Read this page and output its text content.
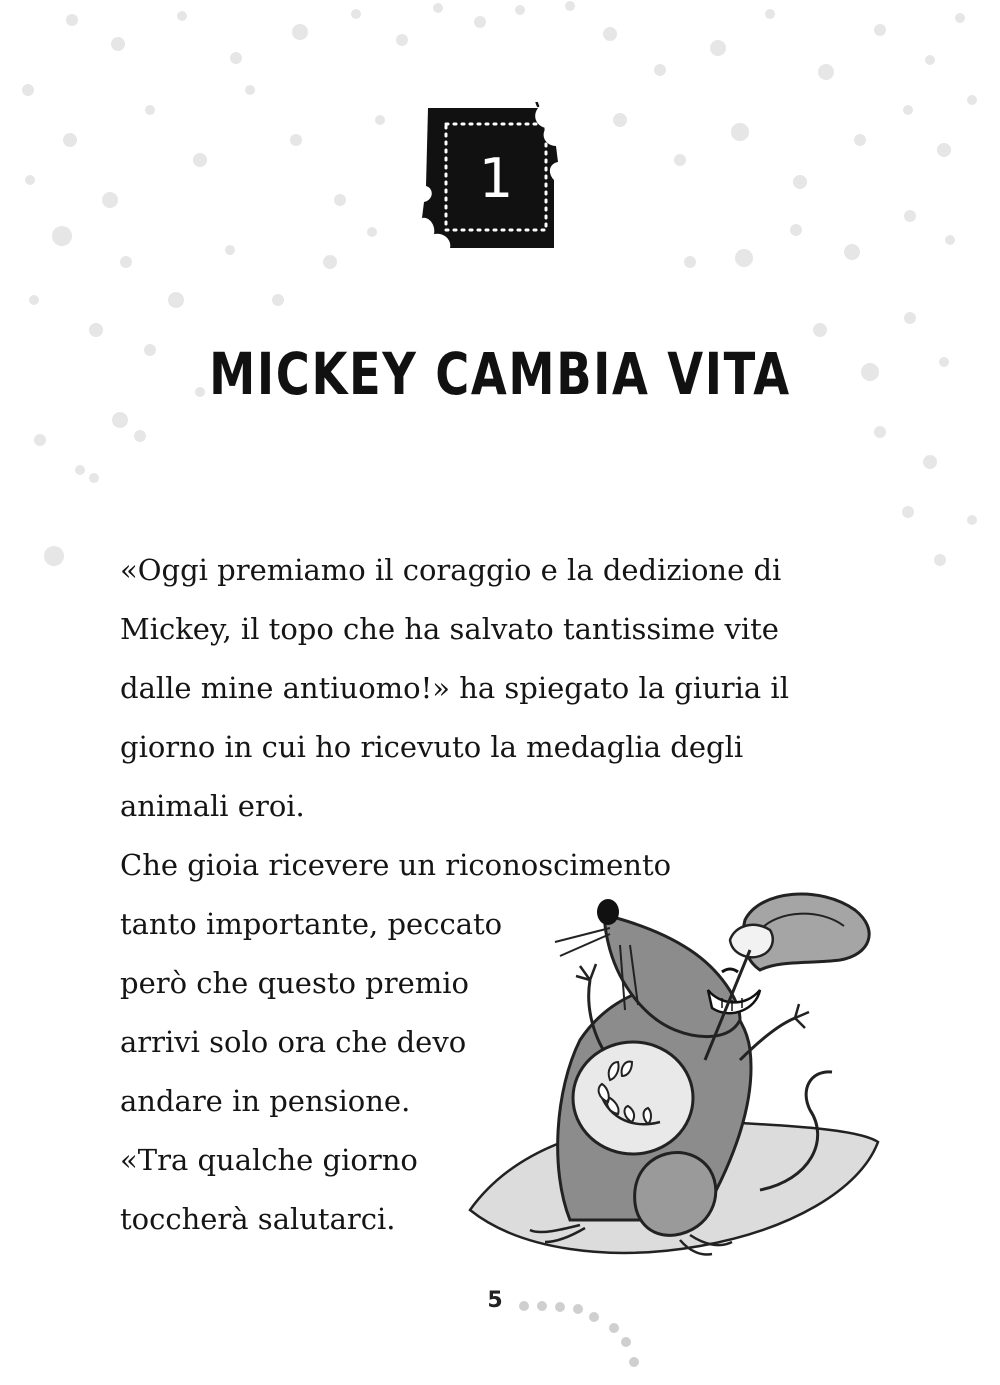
1
MICKEY CAMBIA VITA
«Oggi premiamo il coraggio e la dedizione di
Mickey, il topo che ha salvato tantissime vite
dalle mine antiuomo!» ha spiegato la giuria il
giorno in cui ho ricevuto la medaglia degli
animali eroi.
Che gioia ricevere un riconoscimento
tanto importante, peccato
però che questo premio
arrivi solo ora che devo
andare in pensione.
«Tra qualche giorno
toccherà salutarci.
5
